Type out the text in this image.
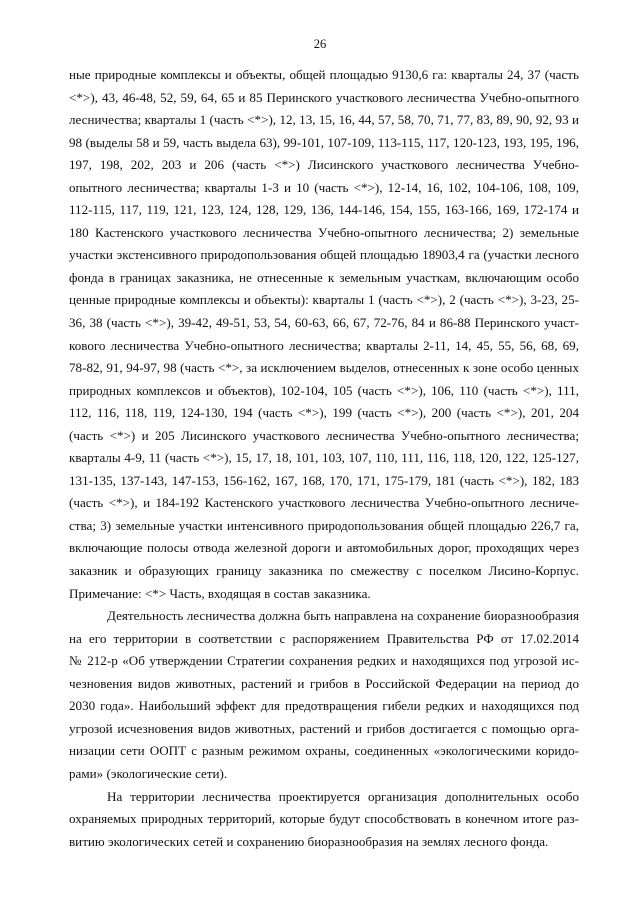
26
ные природные комплексы и объекты, общей площадью 9130,6 га: кварталы 24, 37 (часть
<*>), 43, 46-48, 52, 59, 64, 65 и 85 Перинского участкового лесничества Учебно-опытного
лесничества; кварталы 1 (часть <*>), 12, 13, 15, 16, 44, 57, 58, 70, 71, 77, 83, 89, 90, 92, 93 и
98 (выделы 58 и 59, часть выдела 63), 99-101, 107-109, 113-115, 117, 120-123, 193, 195, 196,
197, 198, 202, 203 и 206 (часть <*>) Лисинского участкового лесничества Учебно-
опытного лесничества; кварталы 1-3 и 10 (часть <*>), 12-14, 16, 102, 104-106, 108, 109,
112-115, 117, 119, 121, 123, 124, 128, 129, 136, 144-146, 154, 155, 163-166, 169, 172-174 и
180 Кастенского участкового лесничества Учебно-опытного лесничества; 2) земельные
участки экстенсивного природопользования общей площадью 18903,4 га (участки лесного
фонда в границах заказника, не отнесенные к земельным участкам, включающим особо
ценные природные комплексы и объекты): кварталы 1 (часть <*>), 2 (часть <*>), 3-23, 25-
36, 38 (часть <*>), 39-42, 49-51, 53, 54, 60-63, 66, 67, 72-76, 84 и 86-88 Перинского участ-
кового лесничества Учебно-опытного лесничества; кварталы 2-11, 14, 45, 55, 56, 68, 69,
78-82, 91, 94-97, 98 (часть <*>, за исключением выделов, отнесенных к зоне особо ценных
природных комплексов и объектов), 102-104, 105 (часть <*>), 106, 110 (часть <*>), 111,
112, 116, 118, 119, 124-130, 194 (часть <*>), 199 (часть <*>), 200 (часть <*>), 201, 204
(часть <*>) и 205 Лисинского участкового лесничества Учебно-опытного лесничества;
кварталы 4-9, 11 (часть <*>), 15, 17, 18, 101, 103, 107, 110, 111, 116, 118, 120, 122, 125-127,
131-135, 137-143, 147-153, 156-162, 167, 168, 170, 171, 175-179, 181 (часть <*>), 182, 183
(часть <*>), и 184-192 Кастенского участкового лесничества Учебно-опытного лесниче-
ства; 3) земельные участки интенсивного природопользования общей площадью 226,7 га,
включающие полосы отвода железной дороги и автомобильных дорог, проходящих через
заказник и образующих границу заказника по смежеству с поселком Лисино-Корпус.
Примечание: <*> Часть, входящая в состав заказника.
Деятельность лесничества должна быть направлена на сохранение биоразнообразия
на его территории в соответствии с распоряжением Правительства РФ от 17.02.2014
№ 212-р «Об утверждении Стратегии сохранения редких и находящихся под угрозой ис-
чезновения видов животных, растений и грибов в Российской Федерации на период до
2030 года». Наибольший эффект для предотвращения гибели редких и находящихся под
угрозой исчезновения видов животных, растений и грибов достигается с помощью орга-
низации сети ООПТ с разным режимом охраны, соединенных «экологическими коридо-
рами» (экологические сети).
На территории лесничества проектируется организация дополнительных особо
охраняемых природных территорий, которые будут способствовать в конечном итоге раз-
витию экологических сетей и сохранению биоразнообразия на землях лесного фонда.
